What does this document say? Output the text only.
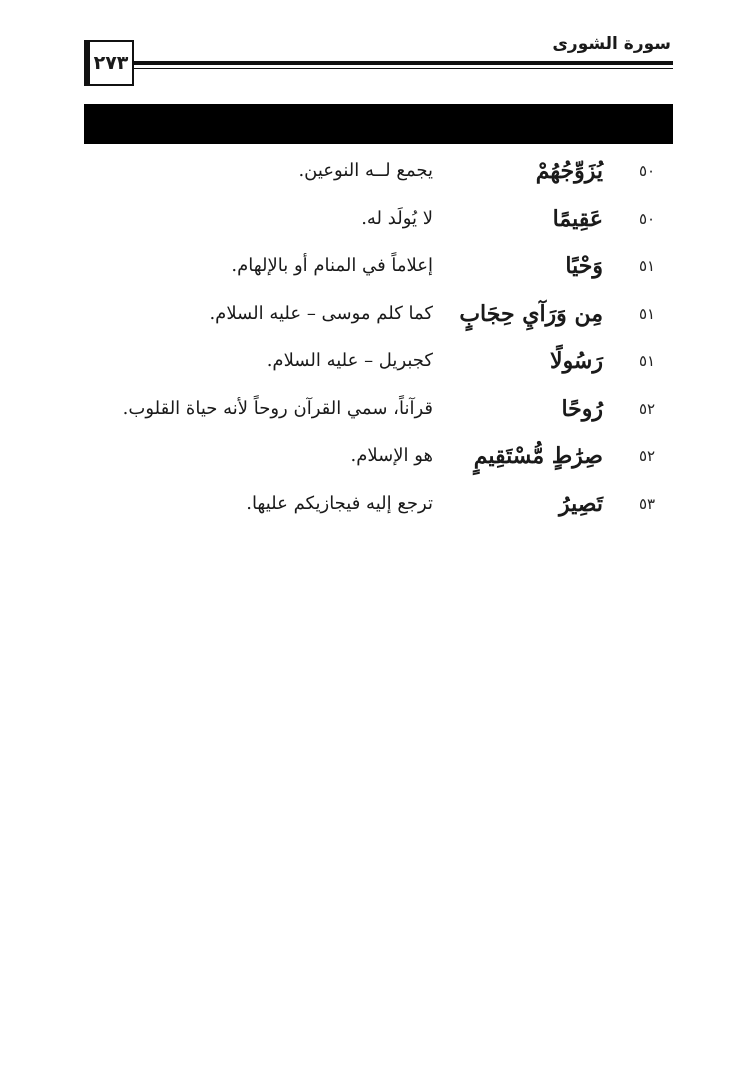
٢٧٣
سورة الشورى
٥٠
يُزَوِّجُهُمْ
يجمع لــه النوعين.
٥٠
عَقِيمًا
لا يُولَد له.
٥١
وَحْيًا
إعلاماً في المنام أو بالإلهام.
٥١
مِن وَرَآيِ حِجَابٍ
كما كلم موسى – عليه السلام.
٥١
رَسُولًا
كجبريل – عليه السلام.
٥٢
رُوحًا
قرآناً، سمي القرآن روحاً لأنه حياة القلوب.
٥٢
صِرَٰطٍ مُّسْتَقِيمٍ
هو الإسلام.
٥٣
تَصِيرُ
ترجع إليه فيجازيكم عليها.
